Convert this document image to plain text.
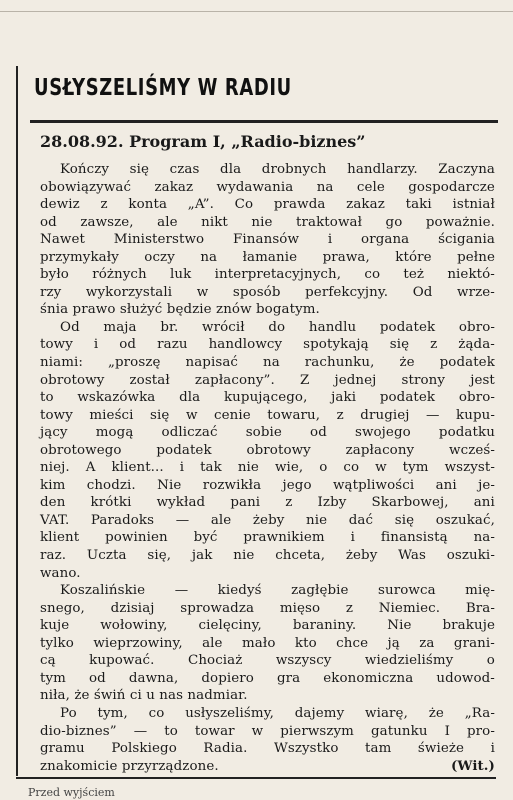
USŁYSZELIŚMY W RADIU
28.08.92. Program I, „Radio-biznes”
Kończy się czas dla drobnych handlarzy. Zaczyna
obowiązywać zakaz wydawania na cele gospodarcze
dewiz z konta „A”. Co prawda zakaz taki istniał
od zawsze, ale nikt nie traktował go poważnie.
Nawet Ministerstwo Finansów i organa ścigania
przymykały oczy na łamanie prawa, które pełne
było różnych luk interpretacyjnych, co też niektó-
rzy wykorzystali w sposób perfekcyjny. Od wrze-
śnia prawo służyć będzie znów bogatym.
Od maja br. wrócił do handlu podatek obro-
towy i od razu handlowcy spotykają się z żąda-
niami: „proszę napisać na rachunku, że podatek
obrotowy został zapłacony”. Z jednej strony jest
to wskazówka dla kupującego, jaki podatek obro-
towy mieści się w cenie towaru, z drugiej — kupu-
jący mogą odliczać sobie od swojego podatku
obrotowego	podatek	obrotowy	zapłacony	wcześ-
niej. A klient... i tak nie wie, o co w tym wszyst-
kim chodzi. Nie rozwikła jego wątpliwości ani je-
den krótki wykład pani z Izby Skarbowej, ani
VAT. Paradoks — ale żeby nie dać się oszukać,
klient powinien być prawnikiem i finansistą na-
raz. Uczta się, jak nie chceta, żeby Was oszuki-
wano.
Koszalińskie — kiedyś zagłębie surowca mię-
snego, dzisiaj sprowadza mięso z Niemiec. Bra-
kuje wołowiny, cielęciny, baraniny. Nie brakuje
tylko wieprzowiny, ale mało kto chce ją za grani-
cą kupować. Chociaż wszyscy wiedzieliśmy o
tym od dawna, dopiero gra ekonomiczna udowod-
niła, że świń ci u nas nadmiar.
Po tym, co usłyszeliśmy, dajemy wiarę, że „Ra-
dio-biznes” — to towar w pierwszym gatunku I pro-
gramu Polskiego Radia. Wszystko tam świeże i
znakomicie przyrządzone.	(Wit.)
Przed wyjściem
